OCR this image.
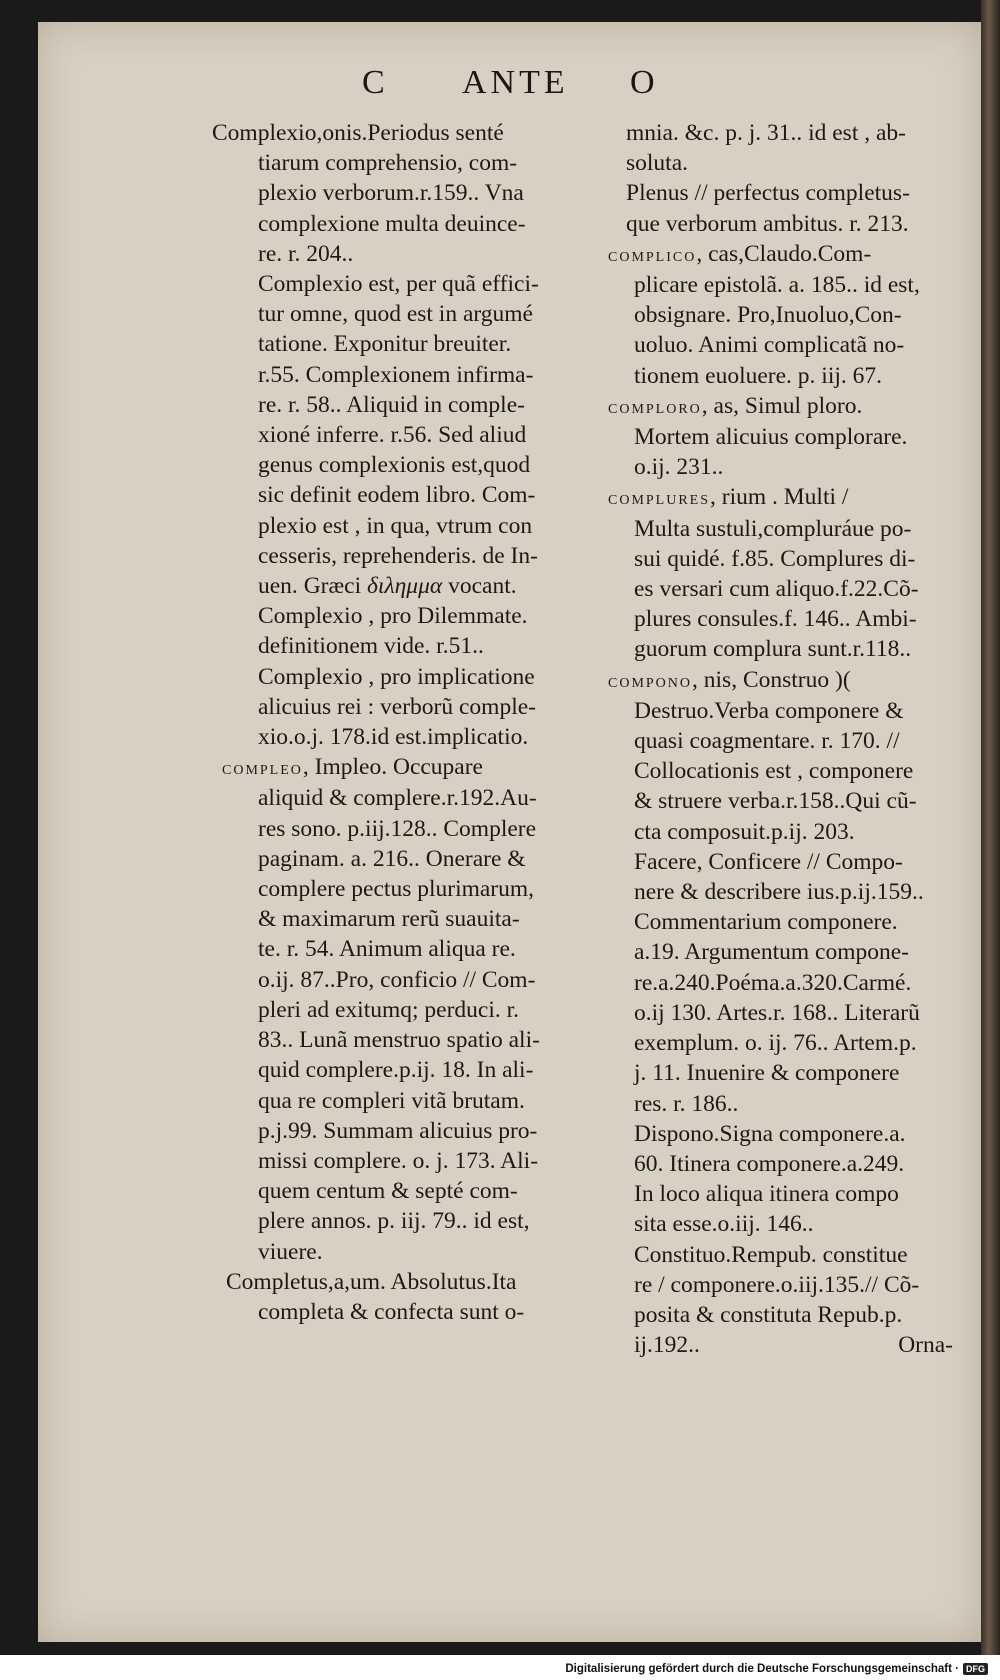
C ANTE O
Complexio,onis.Periodus senté
tiarum comprehensio, com-
plexio verborum.r.159.. Vna
complexione multa deuince-
re. r. 204..
Complexio est, per quã effici-
tur omne, quod est in argumé
tatione. Exponitur breuiter.
r.55. Complexionem infirma-
re. r. 58.. Aliquid in comple-
xioné inferre. r.56. Sed aliud
genus complexionis est,quod
sic definit eodem libro. Com-
plexio est , in qua, vtrum con
cesseris, reprehenderis. de In-
uen. Græci διλημμα vocant.
Complexio , pro Dilemmate.
definitionem vide. r.51..
Complexio , pro implicatione
alicuius rei : verborũ comple-
xio.o.j. 178.id est.implicatio.
compleo, Impleo. Occupare
aliquid & complere.r.192.Au-
res sono. p.iij.128.. Complere
paginam. a. 216.. Onerare &
complere pectus plurimarum,
& maximarum rerũ suauita-
te. r. 54. Animum aliqua re.
o.ij. 87..Pro, conficio // Com-
pleri ad exitumq; perduci. r.
83.. Lunã menstruo spatio ali-
quid complere.p.ij. 18. In ali-
qua re compleri vitã brutam.
p.j.99. Summam alicuius pro-
missi complere. o. j. 173. Ali-
quem centum & septé com-
plere annos. p. iij. 79.. id est,
viuere.
Completus,a,um. Absolutus.Ita
completa & confecta sunt o-
mnia. &c. p. j. 31.. id est , ab-
soluta.
Plenus // perfectus completus-
que verborum ambitus. r. 213.
complico, cas,Claudo.Com-
plicare epistolã. a. 185.. id est,
obsignare. Pro,Inuoluo,Con-
uoluo. Animi complicatã no-
tionem euoluere. p. iij. 67.
comploro, as, Simul ploro.
Mortem alicuius complorare.
o.ij. 231..
complures, rium . Multi /
Multa sustuli,compluráue po-
sui quidé. f.85. Complures di-
es versari cum aliquo.f.22.Cõ-
plures consules.f. 146.. Ambi-
guorum complura sunt.r.118..
compono, nis, Construo )(
Destruo.Verba componere &
quasi coagmentare. r. 170. //
Collocationis est , componere
& struere verba.r.158..Qui cũ-
cta composuit.p.ij. 203.
Facere, Conficere // Compo-
nere & describere ius.p.ij.159..
Commentarium componere.
a.19. Argumentum compone-
re.a.240.Poéma.a.320.Carmé.
o.ij 130. Artes.r. 168.. Literarũ
exemplum. o. ij. 76.. Artem.p.
j. 11. Inuenire & componere
res. r. 186..
Dispono.Signa componere.a.
60. Itinera componere.a.249.
In loco aliqua itinera compo
sita esse.o.iij. 146..
Constituo.Rempub. constitue
re / componere.o.iij.135.// Cõ-
posita & constituta Repub.p.
ij.192..	Orna-
Digitalisierung gefördert durch die Deutsche Forschungsgemeinschaft · DFG
